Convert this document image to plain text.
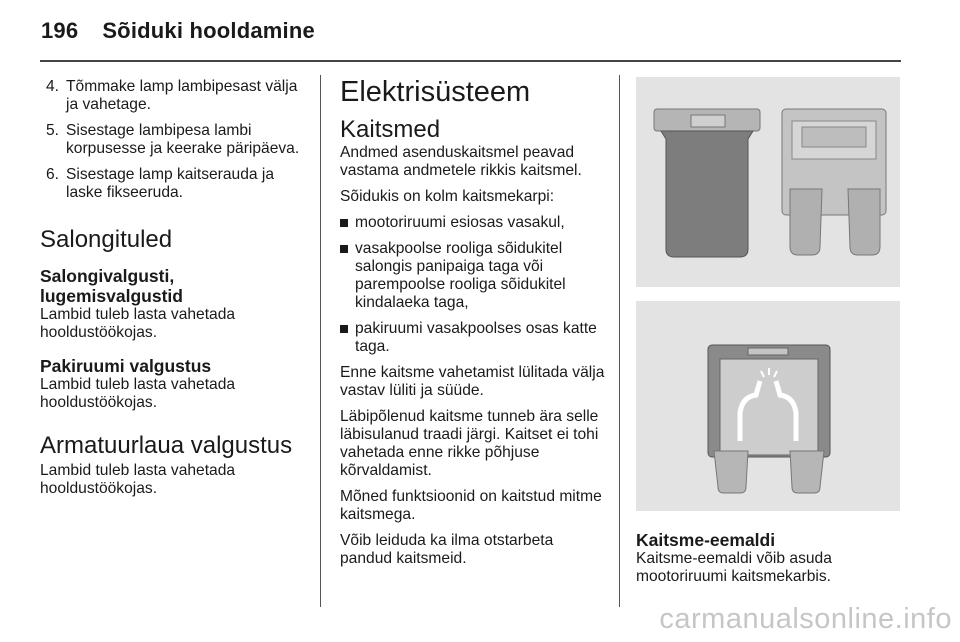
196 Sõiduki hooldamine
4. Tõmmake lamp lambipesast välja ja vahetage.
5. Sisestage lambipesa lambi korpusesse ja keerake päripäeva.
6. Sisestage lamp kaitserauda ja laske fikseeruda.
Salongituled
Salongivalgusti, lugemisvalgustid

Lambid tuleb lasta vahetada hooldustöökojas.

Pakiruumi valgustus

Lambid tuleb lasta vahetada hooldustöökojas.

Armatuurlaua valgustus

Lambid tuleb lasta vahetada hooldustöökojas.

Elektrisüsteem
Kaitsmed

Andmed asenduskaitsmel peavad vastama andmetele rikkis kaitsmel.

Sõidukis on kolm kaitsmekarpi:

mootoriruumi esiosas vasakul,
vasakpoolse rooliga sõidukitel salongis panipaiga taga või parempoolse rooliga sõidukitel kindalaeka taga,
pakiruumi vasakpoolses osas katte taga.

Enne kaitsme vahetamist lülitada välja vastav lüliti ja süüde.

Läbipõlenud kaitsme tunneb ära selle läbisulanud traadi järgi. Kaitset ei tohi vahetada enne rikke põhjuse kõrvaldamist.

Mõned funktsioonid on kaitstud mitme kaitsmega.

Võib leiduda ka ilma otstarbeta pandud kaitsmeid.

Kaitsme-eemaldi

Kaitsme-eemaldi võib asuda mootoriruumi kaitsmekarbis.

carmanualsonline.info
